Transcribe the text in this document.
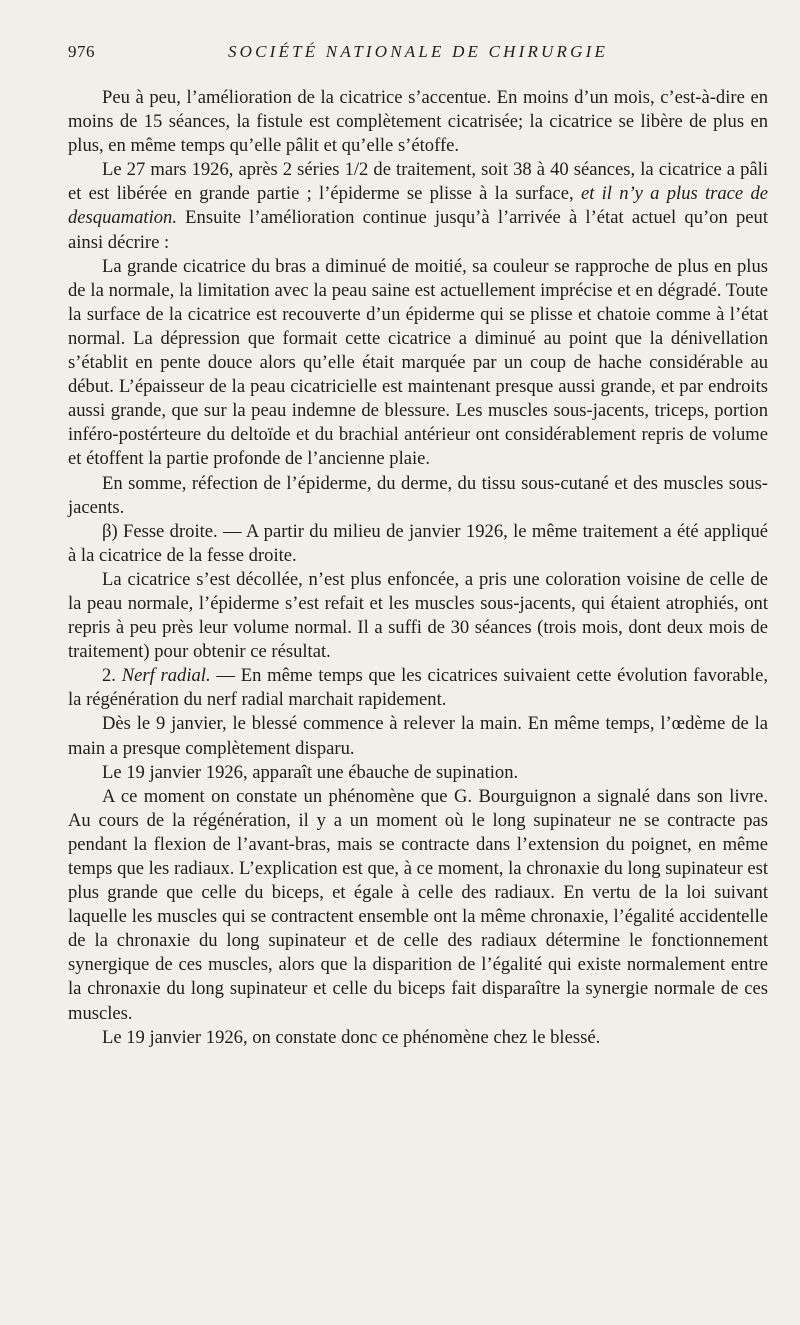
976	SOCIÉTÉ NATIONALE DE CHIRURGIE

Peu à peu, l’amélioration de la cicatrice s’accentue. En moins d’un mois, c’est-à-dire en moins de 15 séances, la fistule est complètement cicatrisée; la cicatrice se libère de plus en plus, en même temps qu’elle pâlit et qu’elle s’étoffe.

Le 27 mars 1926, après 2 séries 1/2 de traitement, soit 38 à 40 séances, la cicatrice a pâli et est libérée en grande partie ; l’épiderme se plisse à la surface, et il n’y a plus trace de desquamation. Ensuite l’amélioration continue jusqu’à l’arrivée à l’état actuel qu’on peut ainsi décrire :

La grande cicatrice du bras a diminué de moitié, sa couleur se rapproche de plus en plus de la normale, la limitation avec la peau saine est actuellement imprécise et en dégradé. Toute la surface de la cicatrice est recouverte d’un épiderme qui se plisse et chatoie comme à l’état normal. La dépression que formait cette cicatrice a diminué au point que la dénivellation s’établit en pente douce alors qu’elle était marquée par un coup de hache considérable au début. L’épaisseur de la peau cicatricielle est maintenant presque aussi grande, et par endroits aussi grande, que sur la peau indemne de blessure. Les muscles sous-jacents, triceps, portion inféro-postérteure du deltoïde et du brachial antérieur ont considérablement repris de volume et étoffent la partie profonde de l’ancienne plaie.

En somme, réfection de l’épiderme, du derme, du tissu sous-cutané et des muscles sous-jacents.

β) Fesse droite. — A partir du milieu de janvier 1926, le même traitement a été appliqué à la cicatrice de la fesse droite.

La cicatrice s’est décollée, n’est plus enfoncée, a pris une coloration voisine de celle de la peau normale, l’épiderme s’est refait et les muscles sous-jacents, qui étaient atrophiés, ont repris à peu près leur volume normal. Il a suffi de 30 séances (trois mois, dont deux mois de traitement) pour obtenir ce résultat.

2. Nerf radial. — En même temps que les cicatrices suivaient cette évolution favorable, la régénération du nerf radial marchait rapidement.

Dès le 9 janvier, le blessé commence à relever la main. En même temps, l’œdème de la main a presque complètement disparu.

Le 19 janvier 1926, apparaît une ébauche de supination.

A ce moment on constate un phénomène que G. Bourguignon a signalé dans son livre. Au cours de la régénération, il y a un moment où le long supinateur ne se contracte pas pendant la flexion de l’avant-bras, mais se contracte dans l’extension du poignet, en même temps que les radiaux. L’explication est que, à ce moment, la chronaxie du long supinateur est plus grande que celle du biceps, et égale à celle des radiaux. En vertu de la loi suivant laquelle les muscles qui se contractent ensemble ont la même chronaxie, l’égalité accidentelle de la chronaxie du long supinateur et de celle des radiaux détermine le fonctionnement synergique de ces muscles, alors que la disparition de l’égalité qui existe normalement entre la chronaxie du long supinateur et celle du biceps fait disparaître la synergie normale de ces muscles.

Le 19 janvier 1926, on constate donc ce phénomène chez le blessé.
